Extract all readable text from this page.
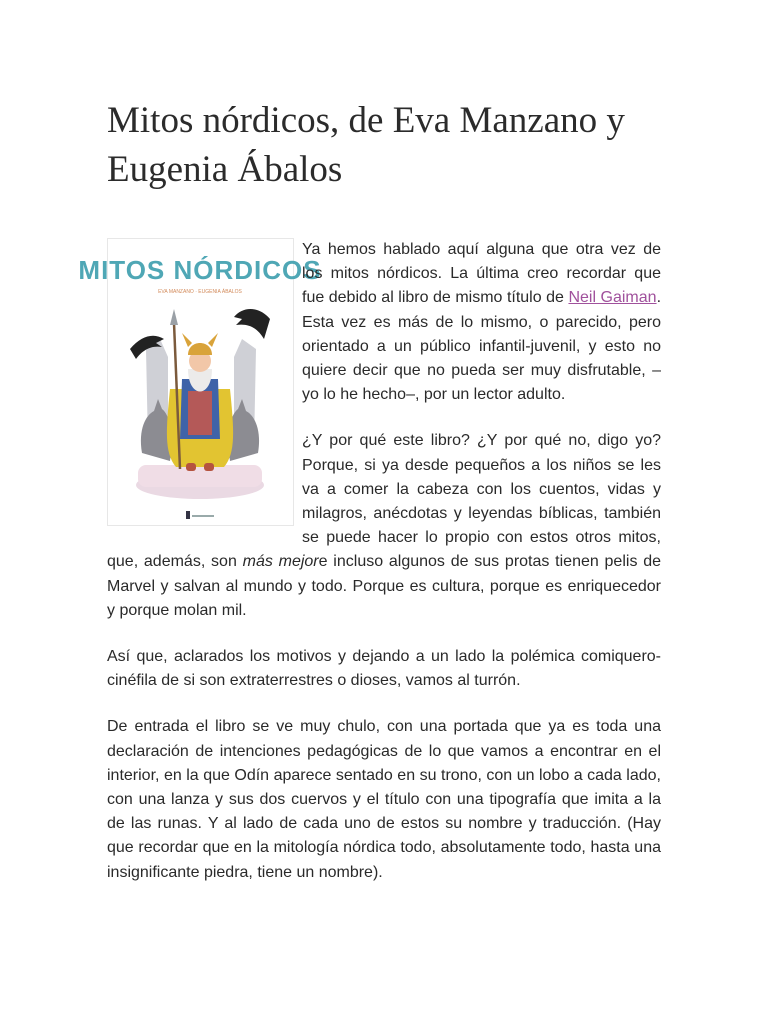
Mitos nórdicos, de Eva Manzano y Eugenia Ábalos
MITOS NÓRDICOS
EVA MANZANO · EUGENIA ÁBALOS

Ya hemos hablado aquí alguna que otra vez de los mitos nórdicos. La última creo recordar que fue debido al libro de mismo título de Neil Gaiman. Esta vez es más de lo mismo, o parecido, pero orientado a un público infantil-juvenil, y esto no quiere decir que no pueda ser muy disfrutable, –yo lo he hecho–, por un lector adulto.

¿Y por qué este libro? ¿Y por qué no, digo yo? Porque, si ya desde pequeños a los niños se les va a comer la cabeza con los cuentos, vidas y milagros, anécdotas y leyendas bíblicas, también se puede hacer lo propio con estos otros mitos, que, además, son más mejore incluso algunos de sus protas tienen pelis de Marvel y salvan al mundo y todo. Porque es cultura, porque es enriquecedor y porque molan mil.

Así que, aclarados los motivos y dejando a un lado la polémica comiquero-cinéfila de si son extraterrestres o dioses, vamos al turrón.

De entrada el libro se ve muy chulo, con una portada que ya es toda una declaración de intenciones pedagógicas de lo que vamos a encontrar en el interior, en la que Odín aparece sentado en su trono, con un lobo a cada lado, con una lanza y sus dos cuervos y el título con una tipografía que imita a la de las runas. Y al lado de cada uno de estos su nombre y traducción. (Hay que recordar que en la mitología nórdica todo, absolutamente todo, hasta una insignificante piedra, tiene un nombre).
